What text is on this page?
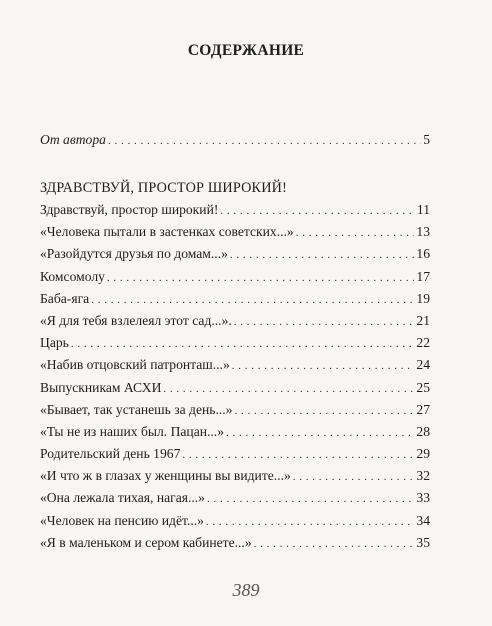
СОДЕРЖАНИЕ
От автора . . .	5
ЗДРАВСТВУЙ, ПРОСТОР ШИРОКИЙ!
Здравствуй, простор широкий! . . .	11
«Человека пытали в застенках советских...» . . .	13
«Разойдутся друзья по домам...» . . .	16
Комсомолу . . .	17
Баба-яга . . .	19
«Я для тебя взлелеял этот сад...». . . .	21
Царь . . .	22
«Набив отцовский патронташ...» . . .	24
Выпускникам АСХИ . . .	25
«Бывает, так устанешь за день...» . . .	27
«Ты не из наших был. Пацан...» . . .	28
Родительский день 1967 . . .	29
«И что ж в глазах у женщины вы видите...» . . .	32
«Она лежала тихая, нагая...» . . .	33
«Человек на пенсию идёт...» . . .	34
«Я в маленьком и сером кабинете...» . . .	35
389
